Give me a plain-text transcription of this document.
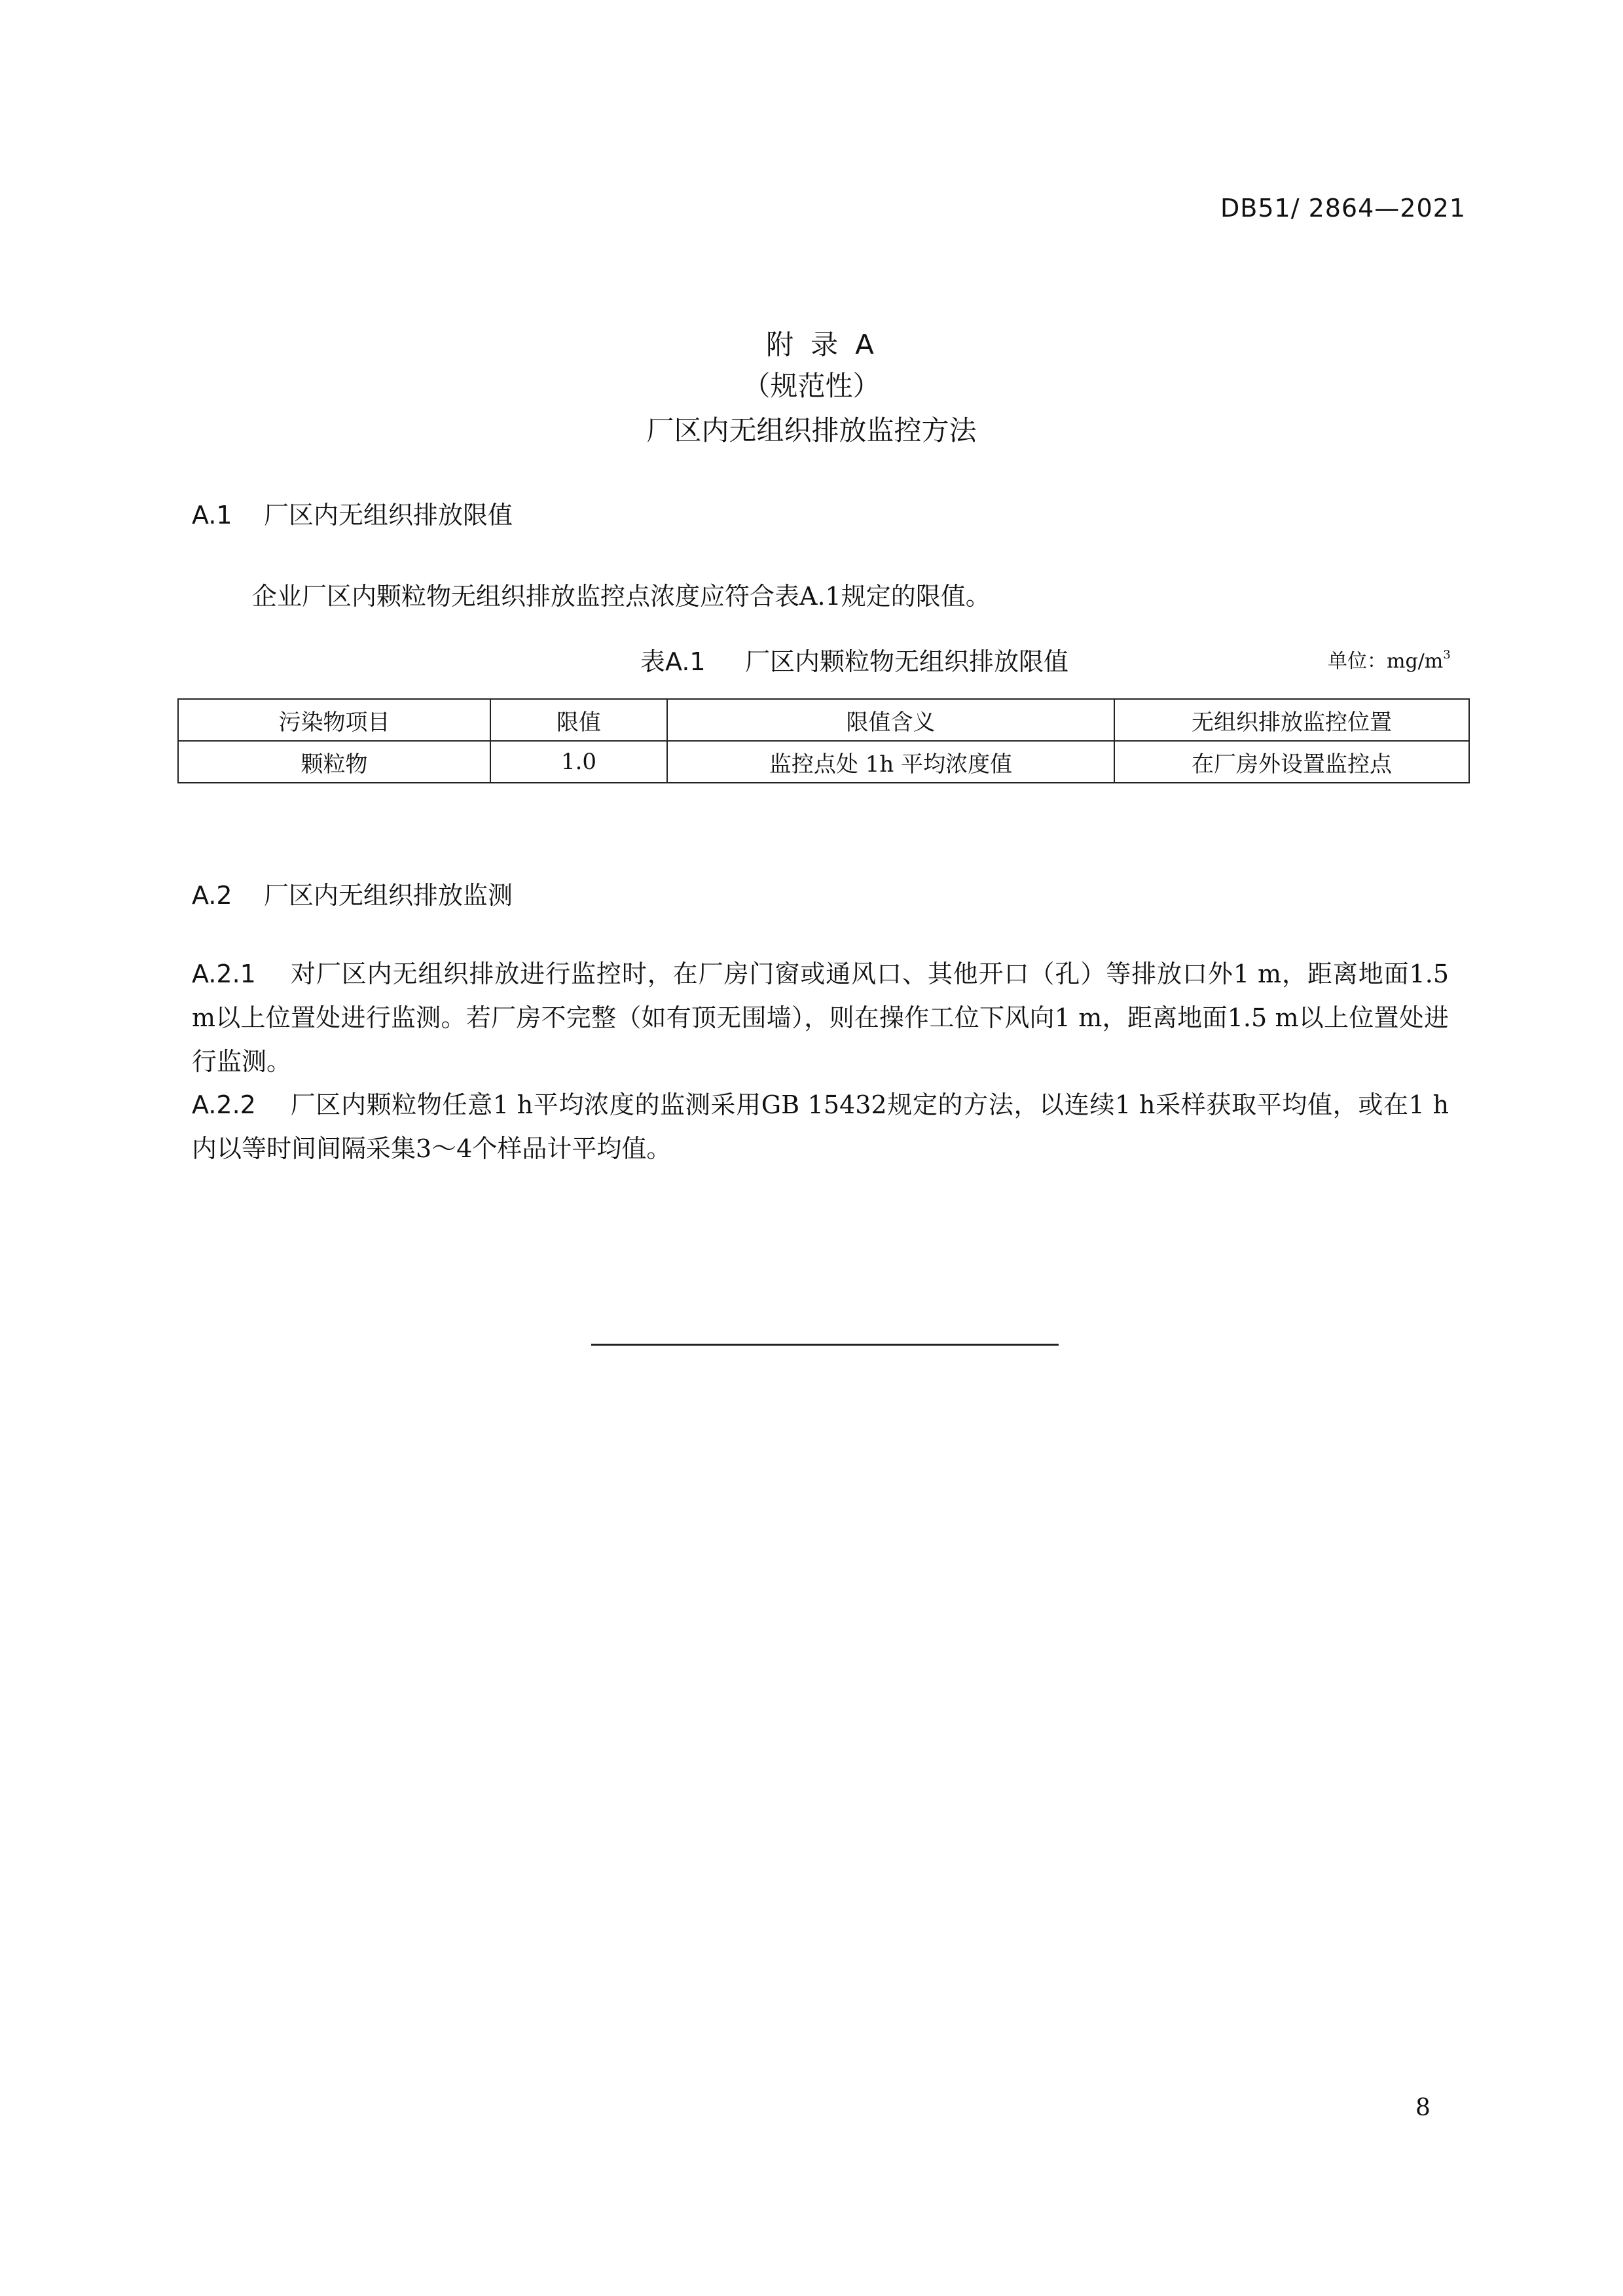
DB51/ 2864—2021
附录A
（规范性）
厂区内无组织排放监控方法
A.1 厂区内无组织排放限值
企业厂区内颗粒物无组织排放监控点浓度应符合表A.1规定的限值。
表A.1 厂区内颗粒物无组织排放限值	单位：$mg/m^3$
污染物项目	限值	限值含义	无组织排放监控位置
颗粒物	1.0	监控点处 1h 平均浓度值	在厂房外设置监控点
A.2 厂区内无组织排放监测
A.2.1 对厂区内无组织排放进行监控时，在厂房门窗或通风口、其他开口（孔）等排放口外1 m，距离地面1.5 m以上位置处进行监测。若厂房不完整（如有顶无围墙），则在操作工位下风向1 m，距离地面1.5 m以上位置处进行监测。
A.2.2 厂区内颗粒物任意1 h平均浓度的监测采用GB 15432规定的方法，以连续1 h采样获取平均值，或在1 h内以等时间间隔采集3～4个样品计平均值。
8
